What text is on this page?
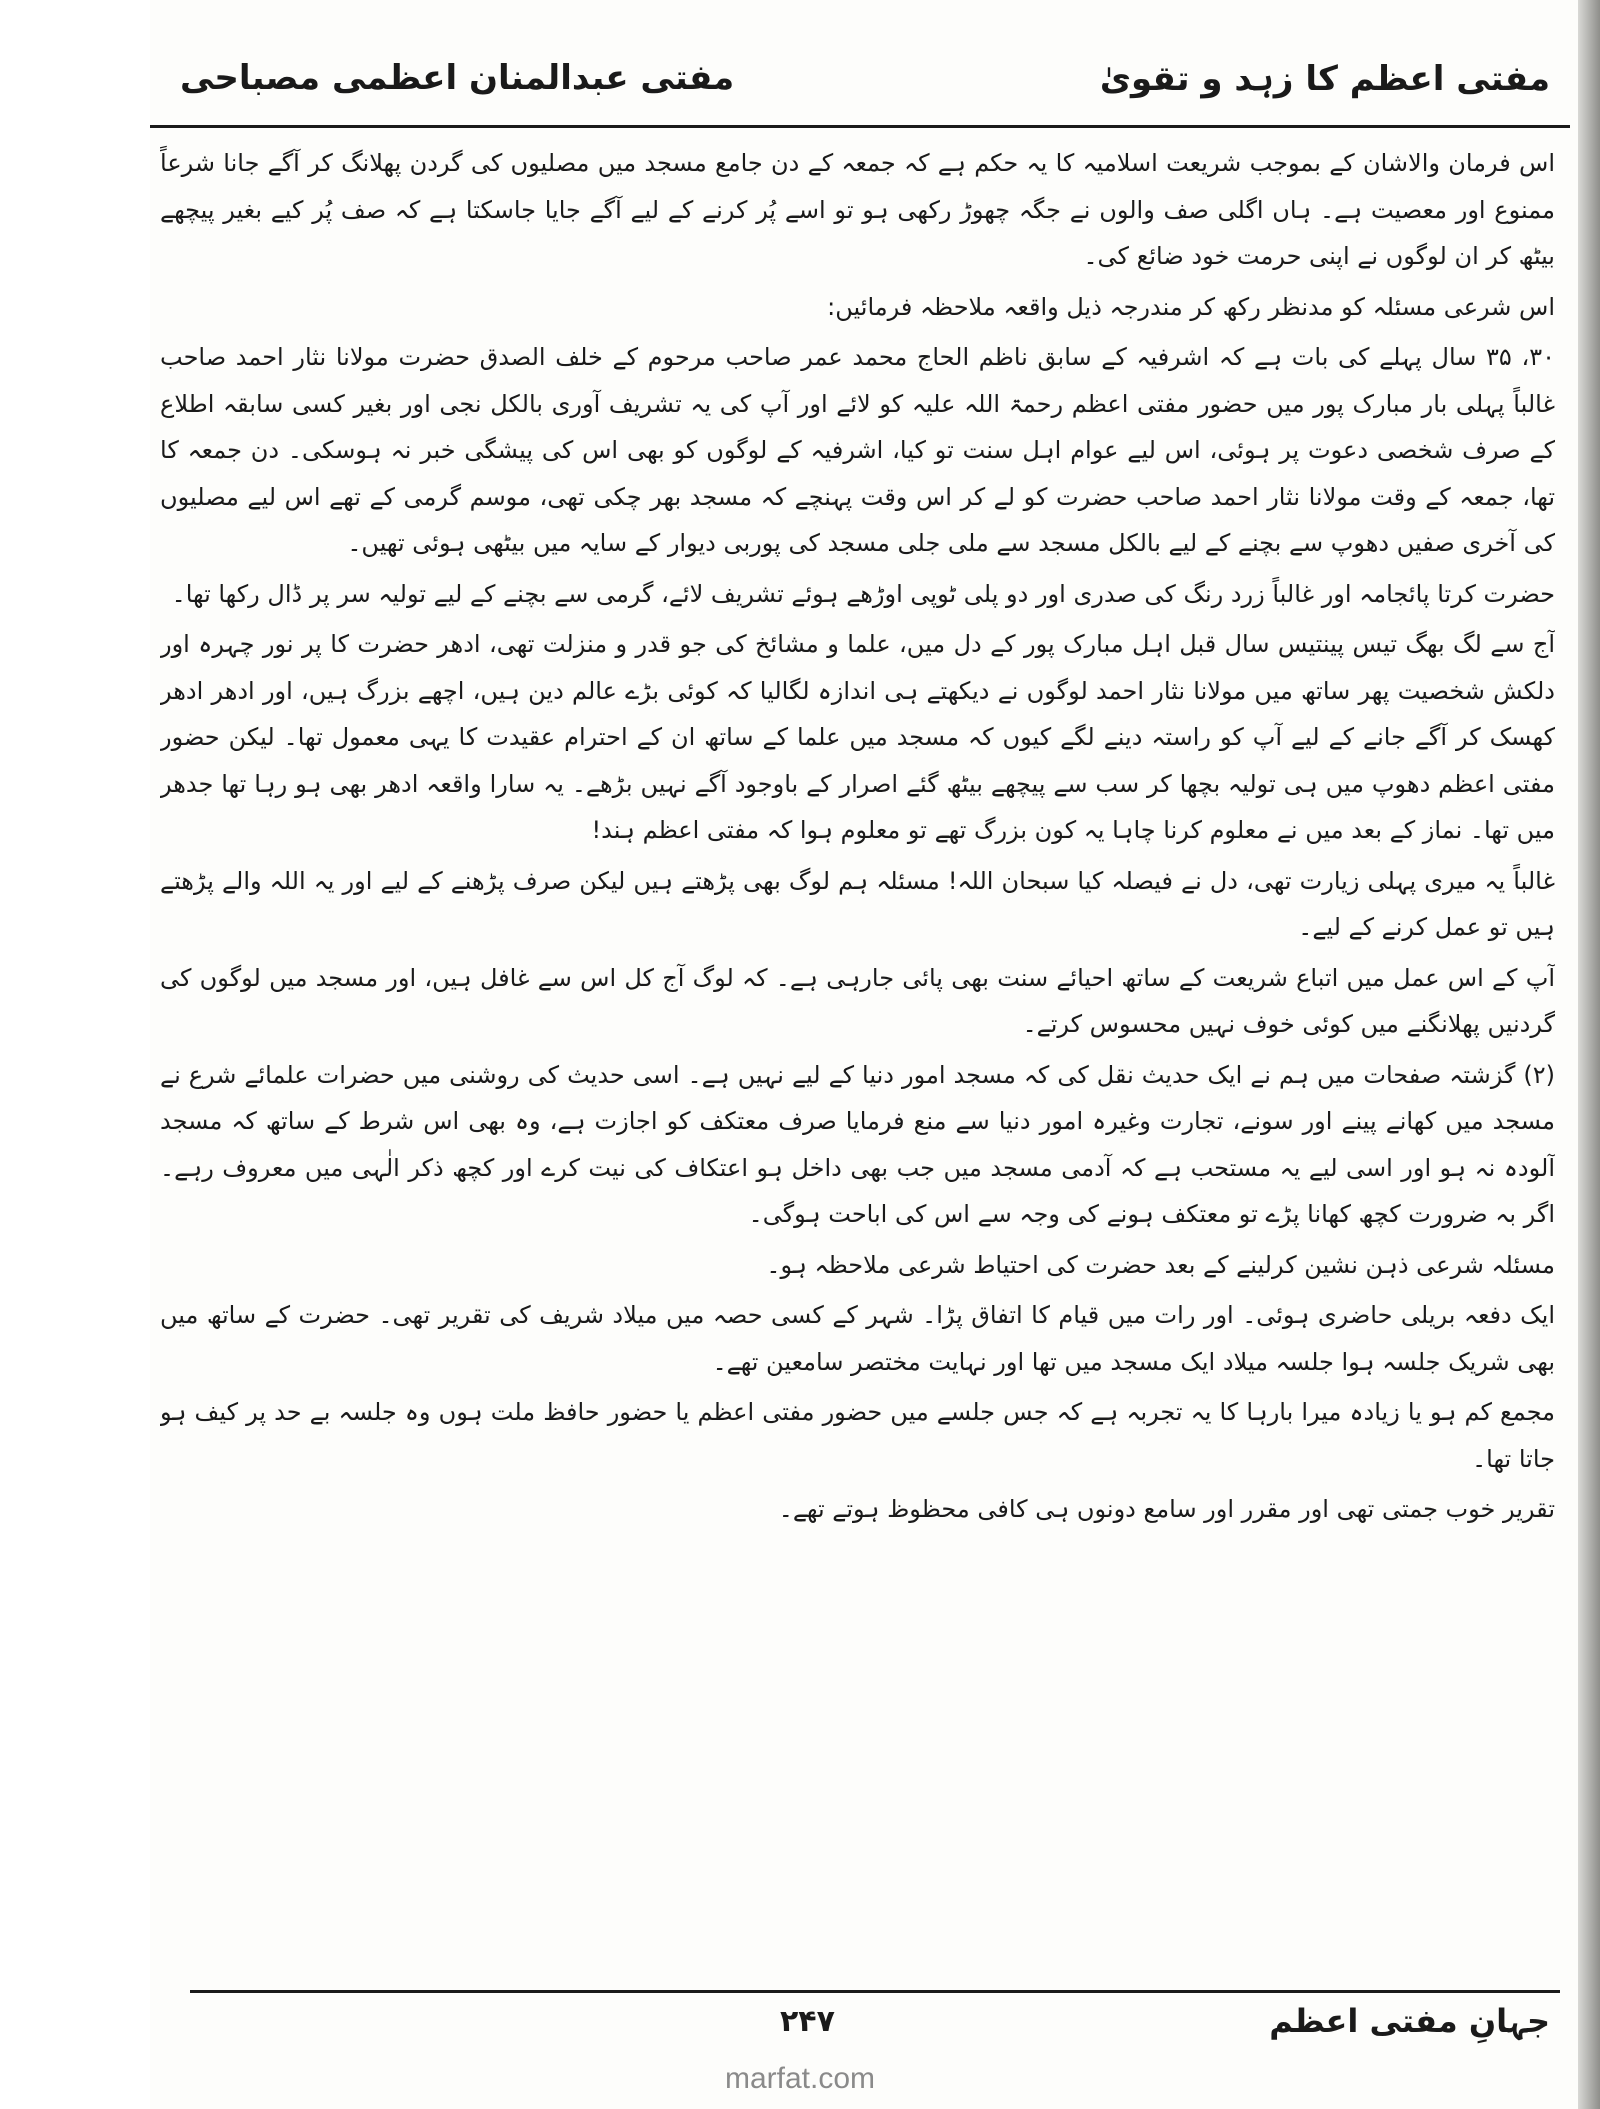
مفتی اعظم کا زہد و تقویٰ
مفتی عبدالمنان اعظمی مصباحی

اس فرمان والاشان کے بموجب شریعت اسلامیہ کا یہ حکم ہے کہ جمعہ کے دن جامع مسجد میں مصلیوں کی گردن پھلانگ کر آگے جانا شرعاً ممنوع اور معصیت ہے۔ ہاں اگلی صف والوں نے جگہ چھوڑ رکھی ہو تو اسے پُر کرنے کے لیے آگے جایا جاسکتا ہے کہ صف پُر کیے بغیر پیچھے بیٹھ کر ان لوگوں نے اپنی حرمت خود ضائع کی۔

اس شرعی مسئلہ کو مدنظر رکھ کر مندرجہ ذیل واقعہ ملاحظہ فرمائیں:

۳۰، ۳۵ سال پہلے کی بات ہے کہ اشرفیہ کے سابق ناظم الحاج محمد عمر صاحب مرحوم کے خلف الصدق حضرت مولانا نثار احمد صاحب غالباً پہلی بار مبارک پور میں حضور مفتی اعظم رحمۃ اللہ علیہ کو لائے اور آپ کی یہ تشریف آوری بالکل نجی اور بغیر کسی سابقہ اطلاع کے صرف شخصی دعوت پر ہوئی، اس لیے عوام اہل سنت تو کیا، اشرفیہ کے لوگوں کو بھی اس کی پیشگی خبر نہ ہوسکی۔ دن جمعہ کا تھا، جمعہ کے وقت مولانا نثار احمد صاحب حضرت کو لے کر اس وقت پہنچے کہ مسجد بھر چکی تھی، موسم گرمی کے تھے اس لیے مصلیوں کی آخری صفیں دھوپ سے بچنے کے لیے بالکل مسجد سے ملی جلی مسجد کی پوربی دیوار کے سایہ میں بیٹھی ہوئی تھیں۔

حضرت کرتا پائجامہ اور غالباً زرد رنگ کی صدری اور دو پلی ٹوپی اوڑھے ہوئے تشریف لائے، گرمی سے بچنے کے لیے تولیہ سر پر ڈال رکھا تھا۔

آج سے لگ بھگ تیس پینتیس سال قبل اہل مبارک پور کے دل میں، علما و مشائخ کی جو قدر و منزلت تھی، ادھر حضرت کا پر نور چہرہ اور دلکش شخصیت پھر ساتھ میں مولانا نثار احمد لوگوں نے دیکھتے ہی اندازہ لگالیا کہ کوئی بڑے عالم دین ہیں، اچھے بزرگ ہیں، اور ادھر ادھر کھسک کر آگے جانے کے لیے آپ کو راستہ دینے لگے کیوں کہ مسجد میں علما کے ساتھ ان کے احترام عقیدت کا یہی معمول تھا۔ لیکن حضور مفتی اعظم دھوپ میں ہی تولیہ بچھا کر سب سے پیچھے بیٹھ گئے اصرار کے باوجود آگے نہیں بڑھے۔ یہ سارا واقعہ ادھر بھی ہو رہا تھا جدھر میں تھا۔ نماز کے بعد میں نے معلوم کرنا چاہا یہ کون بزرگ تھے تو معلوم ہوا کہ مفتی اعظم ہند!

غالباً یہ میری پہلی زیارت تھی، دل نے فیصلہ کیا سبحان اللہ! مسئلہ ہم لوگ بھی پڑھتے ہیں لیکن صرف پڑھنے کے لیے اور یہ اللہ والے پڑھتے ہیں تو عمل کرنے کے لیے۔

آپ کے اس عمل میں اتباع شریعت کے ساتھ احیائے سنت بھی پائی جارہی ہے۔ کہ لوگ آج کل اس سے غافل ہیں، اور مسجد میں لوگوں کی گردنیں پھلانگنے میں کوئی خوف نہیں محسوس کرتے۔

(۲) گزشتہ صفحات میں ہم نے ایک حدیث نقل کی کہ مسجد امور دنیا کے لیے نہیں ہے۔ اسی حدیث کی روشنی میں حضرات علمائے شرع نے مسجد میں کھانے پینے اور سونے، تجارت وغیرہ امور دنیا سے منع فرمایا صرف معتکف کو اجازت ہے، وہ بھی اس شرط کے ساتھ کہ مسجد آلودہ نہ ہو اور اسی لیے یہ مستحب ہے کہ آدمی مسجد میں جب بھی داخل ہو اعتکاف کی نیت کرے اور کچھ ذکر الٰہی میں معروف رہے۔ اگر بہ ضرورت کچھ کھانا پڑے تو معتکف ہونے کی وجہ سے اس کی اباحت ہوگی۔

مسئلہ شرعی ذہن نشین کرلینے کے بعد حضرت کی احتیاط شرعی ملاحظہ ہو۔

ایک دفعہ بریلی حاضری ہوئی۔ اور رات میں قیام کا اتفاق پڑا۔ شہر کے کسی حصہ میں میلاد شریف کی تقریر تھی۔ حضرت کے ساتھ میں بھی شریک جلسہ ہوا جلسہ میلاد ایک مسجد میں تھا اور نہایت مختصر سامعین تھے۔

مجمع کم ہو یا زیادہ میرا بارہا کا یہ تجربہ ہے کہ جس جلسے میں حضور مفتی اعظم یا حضور حافظ ملت ہوں وہ جلسہ بے حد پر کیف ہو جاتا تھا۔

تقریر خوب جمتی تھی اور مقرر اور سامع دونوں ہی کافی محظوظ ہوتے تھے۔

جہانِ مفتی اعظم
۲۴۷
marfat.com
